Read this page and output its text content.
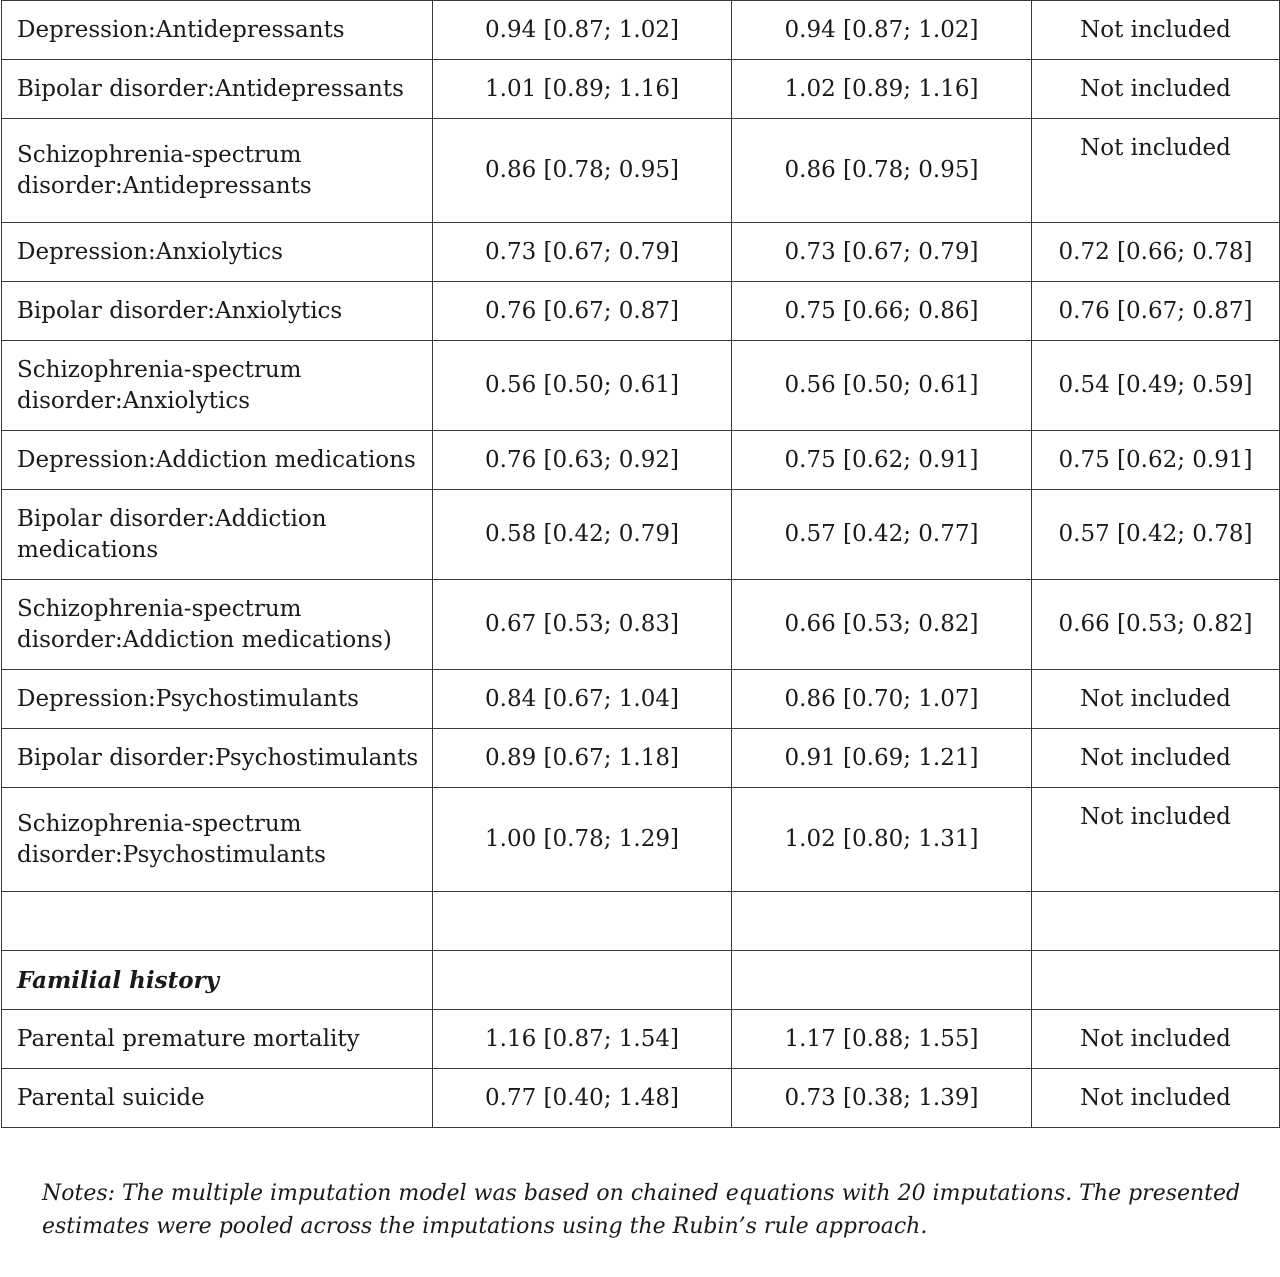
Depression:Antidepressants	0.94 [0.87; 1.02]	0.94 [0.87; 1.02]	Not included
Bipolar disorder:Antidepressants	1.01 [0.89; 1.16]	1.02 [0.89; 1.16]	Not included
Schizophrenia-spectrum disorder:Antidepressants	0.86 [0.78; 0.95]	0.86 [0.78; 0.95]	Not included
Depression:Anxiolytics	0.73 [0.67; 0.79]	0.73 [0.67; 0.79]	0.72 [0.66; 0.78]
Bipolar disorder:Anxiolytics	0.76 [0.67; 0.87]	0.75 [0.66; 0.86]	0.76 [0.67; 0.87]
Schizophrenia-spectrum disorder:Anxiolytics	0.56 [0.50; 0.61]	0.56 [0.50; 0.61]	0.54 [0.49; 0.59]
Depression:Addiction medications	0.76 [0.63; 0.92]	0.75 [0.62; 0.91]	0.75 [0.62; 0.91]
Bipolar disorder:Addiction medications	0.58 [0.42; 0.79]	0.57 [0.42; 0.77]	0.57 [0.42; 0.78]
Schizophrenia-spectrum disorder:Addiction medications)	0.67 [0.53; 0.83]	0.66 [0.53; 0.82]	0.66 [0.53; 0.82]
Depression:Psychostimulants	0.84 [0.67; 1.04]	0.86 [0.70; 1.07]	Not included
Bipolar disorder:Psychostimulants	0.89 [0.67; 1.18]	0.91 [0.69; 1.21]	Not included
Schizophrenia-spectrum disorder:Psychostimulants	1.00 [0.78; 1.29]	1.02 [0.80; 1.31]	Not included

Familial history			
Parental premature mortality	1.16 [0.87; 1.54]	1.17 [0.88; 1.55]	Not included
Parental suicide	0.77 [0.40; 1.48]	0.73 [0.38; 1.39]	Not included
Notes: The multiple imputation model was based on chained equations with 20 imputations. The presented estimates were pooled across the imputations using the Rubin’s rule approach.
